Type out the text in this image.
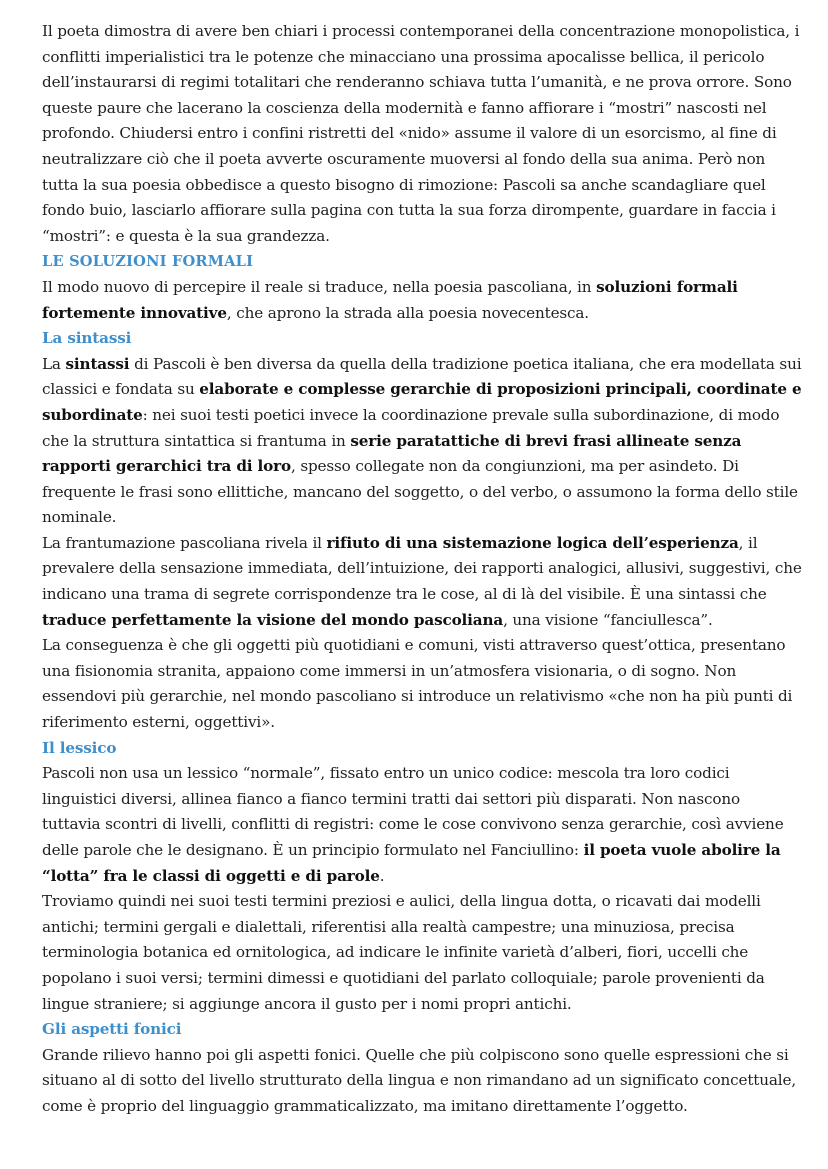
Il poeta dimostra di avere ben chiari i processi contemporanei della concentrazione monopolistica, i conflitti imperialistici tra le potenze che minacciano una prossima apocalisse bellica, il pericolo dell’instaurarsi di regimi totalitari che renderanno schiava tutta l’umanità, e ne prova orrore. Sono queste paure che lacerano la coscienza della modernità e fanno affiorare i “mostri” nascosti nel profondo. Chiudersi entro i confini ristretti del «nido» assume il valore di un esorcismo, al fine di neutralizzare ciò che il poeta avverte oscuramente muoversi al fondo della sua anima. Però non tutta la sua poesia obbedisce a questo bisogno di rimozione: Pascoli sa anche scandagliare quel fondo buio, lasciarlo affiorare sulla pagina con tutta la sua forza dirompente, guardare in faccia i “mostri”: e questa è la sua grandezza.

LE SOLUZIONI FORMALI

Il modo nuovo di percepire il reale si traduce, nella poesia pascoliana, in soluzioni formali fortemente innovative, che aprono la strada alla poesia novecentesca.

La sintassi

La sintassi di Pascoli è ben diversa da quella della tradizione poetica italiana, che era modellata sui classici e fondata su elaborate e complesse gerarchie di proposizioni principali, coordinate e subordinate: nei suoi testi poetici invece la coordinazione prevale sulla subordinazione, di modo che la struttura sintattica si frantuma in serie paratattiche di brevi frasi allineate senza rapporti gerarchici tra di loro, spesso collegate non da congiunzioni, ma per asindeto. Di frequente le frasi sono ellittiche, mancano del soggetto, o del verbo, o assumono la forma dello stile nominale.

La frantumazione pascoliana rivela il rifiuto di una sistemazione logica dell’esperienza, il prevalere della sensazione immediata, dell’intuizione, dei rapporti analogici, allusivi, suggestivi, che indicano una trama di segrete corrispondenze tra le cose, al di là del visibile. È una sintassi che traduce perfettamente la visione del mondo pascoliana, una visione “fanciullesca”.

La conseguenza è che gli oggetti più quotidiani e comuni, visti attraverso quest’ottica, presentano una fisionomia stranita, appaiono come immersi in un’atmosfera visionaria, o di sogno. Non essendovi più gerarchie, nel mondo pascoliano si introduce un relativismo «che non ha più punti di riferimento esterni, oggettivi».

Il lessico

Pascoli non usa un lessico “normale”, fissato entro un unico codice: mescola tra loro codici linguistici diversi, allinea fianco a fianco termini tratti dai settori più disparati. Non nascono tuttavia scontri di livelli, conflitti di registri: come le cose convivono senza gerarchie, così avviene delle parole che le designano. È un principio formulato nel Fanciullino: il poeta vuole abolire la “lotta” fra le classi di oggetti e di parole.

Troviamo quindi nei suoi testi termini preziosi e aulici, della lingua dotta, o ricavati dai modelli antichi; termini gergali e dialettali, riferentisi alla realtà campestre; una minuziosa, precisa terminologia botanica ed ornitologica, ad indicare le infinite varietà d’alberi, fiori, uccelli che popolano i suoi versi; termini dimessi e quotidiani del parlato colloquiale; parole provenienti da lingue straniere; si aggiunge ancora il gusto per i nomi propri antichi.

Gli aspetti fonici

Grande rilievo hanno poi gli aspetti fonici. Quelle che più colpiscono sono quelle espressioni che si situano al di sotto del livello strutturato della lingua e non rimandano ad un significato concettuale, come è proprio del linguaggio grammaticalizzato, ma imitano direttamente l’oggetto.
